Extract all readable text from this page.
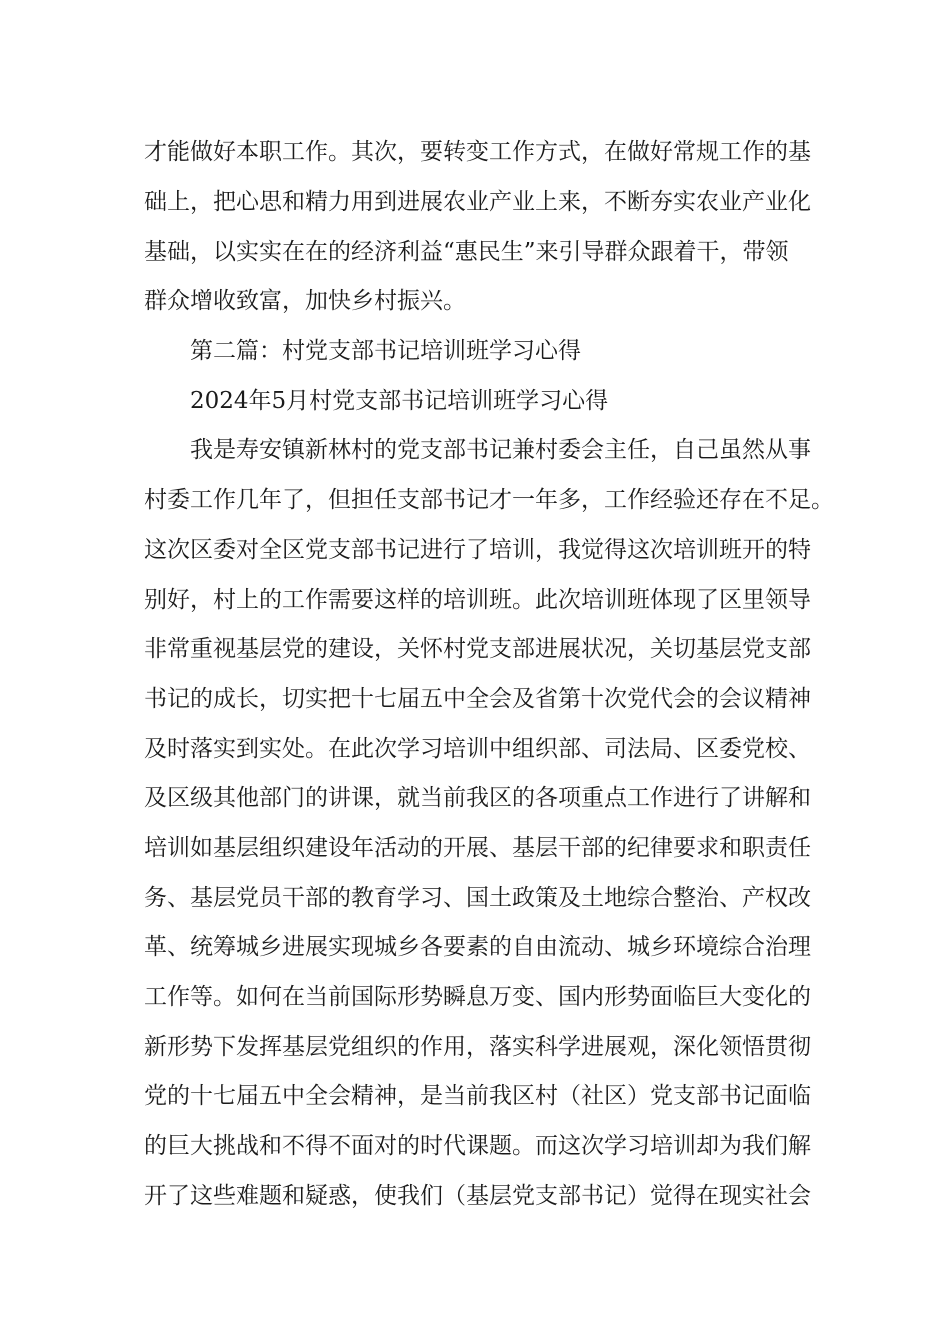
才能做好本职工作。其次，要转变工作方式，在做好常规工作的基
础上，把心思和精力用到进展农业产业上来，不断夯实农业产业化
基础，以实实在在的经济利益“惠民生”来引导群众跟着干，带领
群众增收致富，加快乡村振兴。
第二篇：村党支部书记培训班学习心得
2024年5月村党支部书记培训班学习心得
我是寿安镇新林村的党支部书记兼村委会主任，自己虽然从事
村委工作几年了，但担任支部书记才一年多，工作经验还存在不足。
这次区委对全区党支部书记进行了培训，我觉得这次培训班开的特
别好，村上的工作需要这样的培训班。此次培训班体现了区里领导
非常重视基层党的建设，关怀村党支部进展状况，关切基层党支部
书记的成长，切实把十七届五中全会及省第十次党代会的会议精神
及时落实到实处。在此次学习培训中组织部、司法局、区委党校、
及区级其他部门的讲课，就当前我区的各项重点工作进行了讲解和
培训如基层组织建设年活动的开展、基层干部的纪律要求和职责任
务、基层党员干部的教育学习、国土政策及土地综合整治、产权改
革、统筹城乡进展实现城乡各要素的自由流动、城乡环境综合治理
工作等。如何在当前国际形势瞬息万变、国内形势面临巨大变化的
新形势下发挥基层党组织的作用，落实科学进展观，深化领悟贯彻
党的十七届五中全会精神，是当前我区村（社区）党支部书记面临
的巨大挑战和不得不面对的时代课题。而这次学习培训却为我们解
开了这些难题和疑惑，使我们（基层党支部书记）觉得在现实社会
